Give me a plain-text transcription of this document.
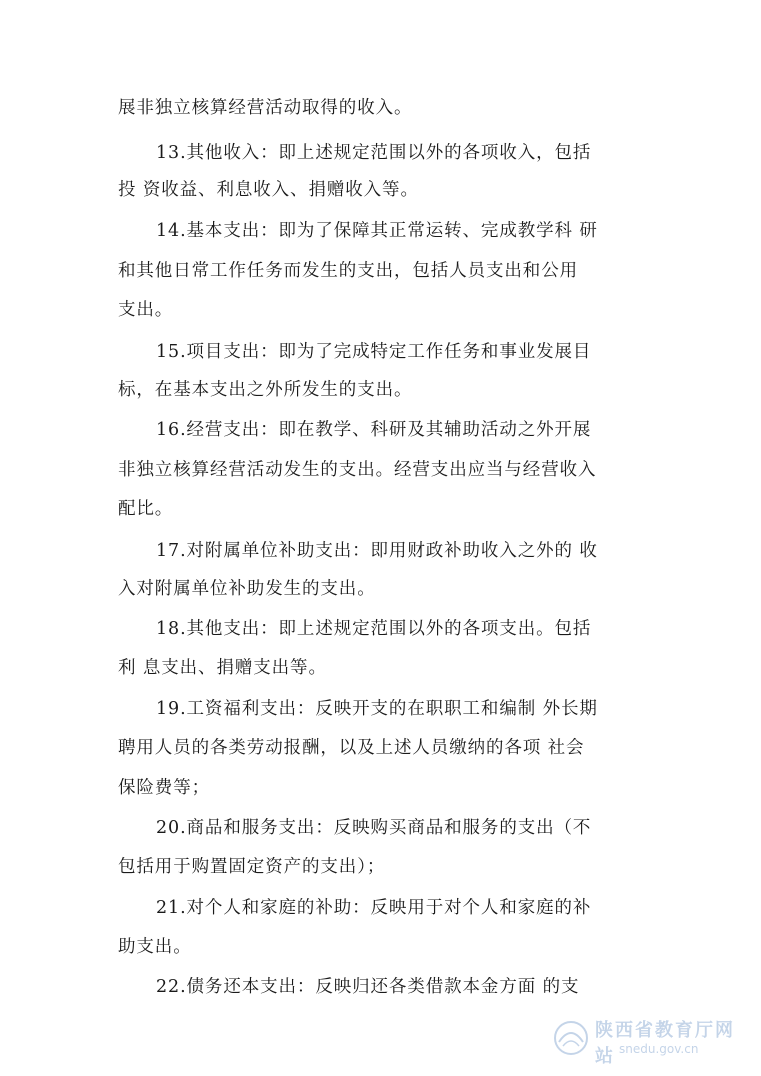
展非独立核算经营活动取得的收入。
13.其他收入：即上述规定范围以外的各项收入，包括
投 资收益、利息收入、捐赠收入等。
14.基本支出：即为了保障其正常运转、完成教学科 研
和其他日常工作任务而发生的支出，包括人员支出和公用
支出。
15.项目支出：即为了完成特定工作任务和事业发展目
标，在基本支出之外所发生的支出。
16.经营支出：即在教学、科研及其辅助活动之外开展
非独立核算经营活动发生的支出。经营支出应当与经营收入
配比。
17.对附属单位补助支出：即用财政补助收入之外的 收
入对附属单位补助发生的支出。
18.其他支出：即上述规定范围以外的各项支出。包括
利 息支出、捐赠支出等。
19.工资福利支出：反映开支的在职职工和编制 外长期
聘用人员的各类劳动报酬，以及上述人员缴纳的各项 社会
保险费等；
20.商品和服务支出：反映购买商品和服务的支出（不
包括用于购置固定资产的支出）；
21.对个人和家庭的补助：反映用于对个人和家庭的补
助支出。
22.债务还本支出：反映归还各类借款本金方面 的支
陕西省教育厅网站 snedu.gov.cn
